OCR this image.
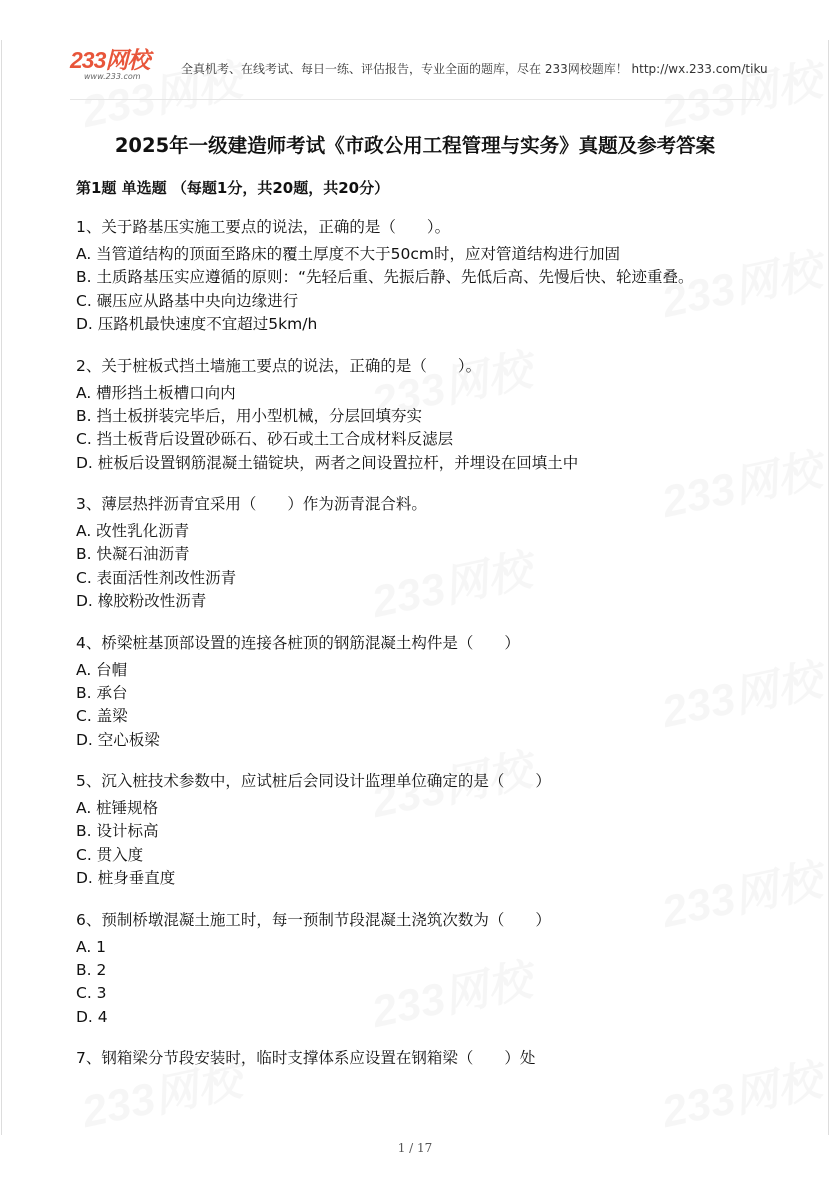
233网校
www.233.com
全真机考、在线考试、每日一练、评估报告，专业全面的题库，尽在 233网校题库！ http://wx.233.com/tiku
2025年一级建造师考试《市政公用工程管理与实务》真题及参考答案
第1题 单选题 （每题1分，共20题，共20分）
1、关于路基压实施工要点的说法，正确的是（　　）。
A. 当管道结构的顶面至路床的覆土厚度不大于50cm时，应对管道结构进行加固
B. 土质路基压实应遵循的原则：“先轻后重、先振后静、先低后高、先慢后快、轮迹重叠。
C. 碾压应从路基中央向边缘进行
D. 压路机最快速度不宜超过5km/h
2、关于桩板式挡土墙施工要点的说法，正确的是（　　）。
A. 槽形挡土板槽口向内
B. 挡土板拼装完毕后，用小型机械，分层回填夯实
C. 挡土板背后设置砂砾石、砂石或土工合成材料反滤层
D. 桩板后设置钢筋混凝土锚锭块，两者之间设置拉杆，并埋设在回填土中
3、薄层热拌沥青宜采用（　　）作为沥青混合料。
A. 改性乳化沥青
B. 快凝石油沥青
C. 表面活性剂改性沥青
D. 橡胶粉改性沥青
4、桥梁桩基顶部设置的连接各桩顶的钢筋混凝土构件是（　　）
A. 台帽
B. 承台
C. 盖梁
D. 空心板梁
5、沉入桩技术参数中，应试桩后会同设计监理单位确定的是（　　）
A. 桩锤规格
B. 设计标高
C. 贯入度
D. 桩身垂直度
6、预制桥墩混凝土施工时，每一预制节段混凝土浇筑次数为（　　）
A. 1
B. 2
C. 3
D. 4
7、钢箱梁分节段安装时，临时支撑体系应设置在钢箱梁（　　）处
1 / 17
